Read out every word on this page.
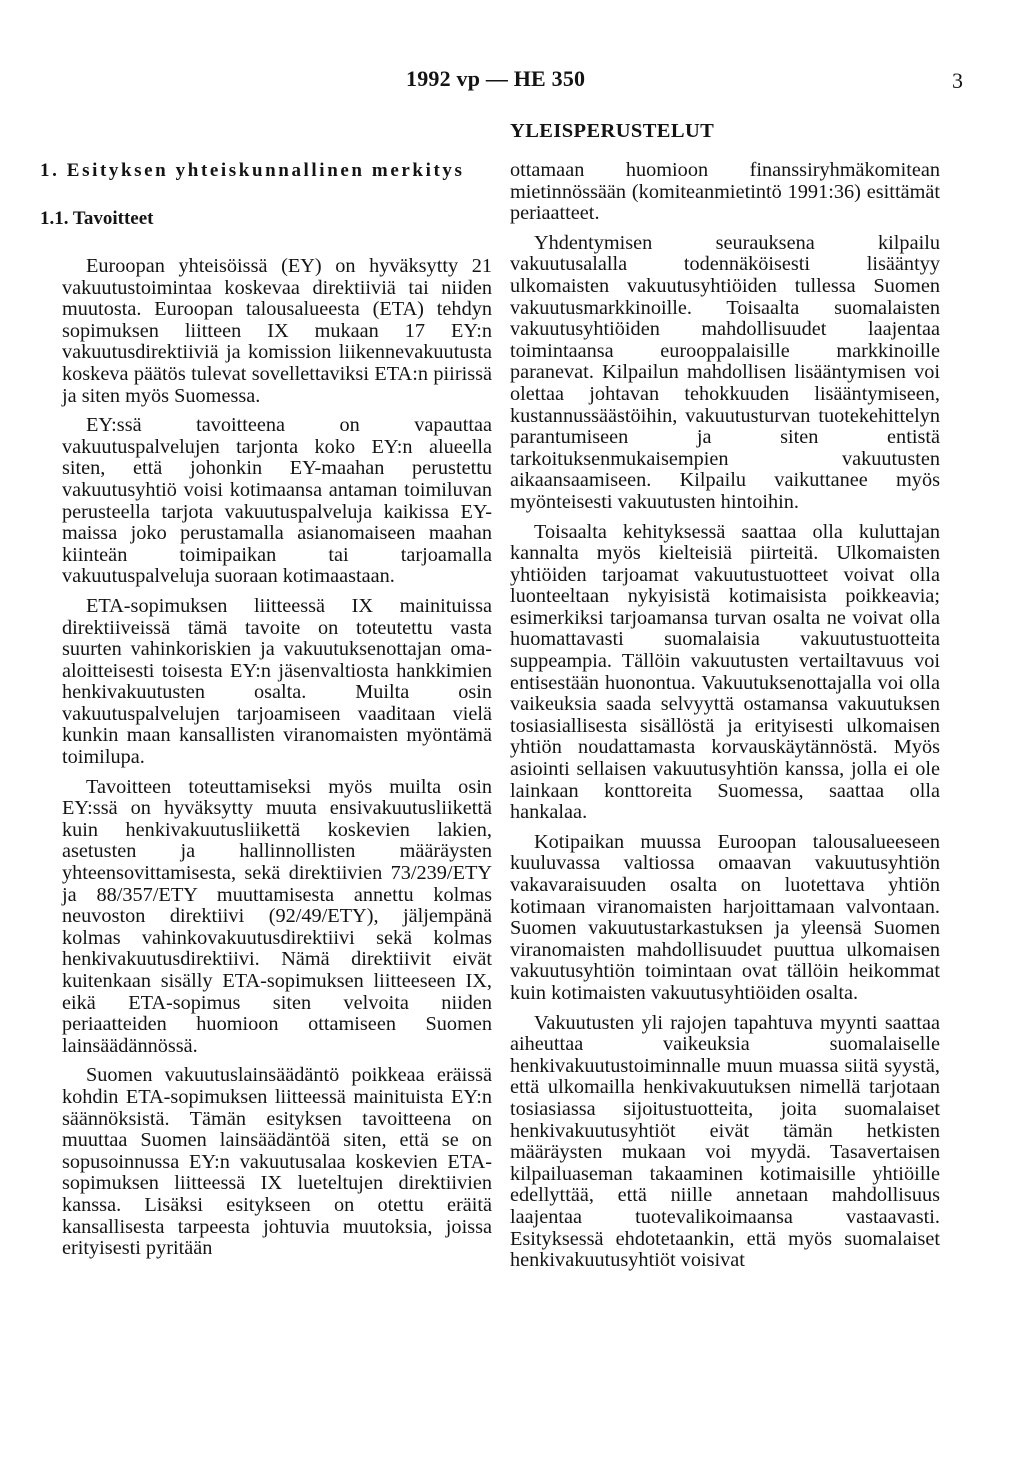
1992 vp — HE 350	3
YLEISPERUSTELUT
1. Esityksen yhteiskunnallinen merkitys
1.1. Tavoitteet

Euroopan yhteisöissä (EY) on hyväksytty 21 vakuutustoimintaa koskevaa direktiiviä tai niiden muutosta. Euroopan talousalueesta (ETA) tehdyn sopimuksen liitteen IX mukaan 17 EY:n vakuutusdirektiiviä ja komission liikennevakuutusta koskeva päätös tulevat sovellettaviksi ETA:n piirissä ja siten myös Suomessa.

EY:ssä tavoitteena on vapauttaa vakuutuspalvelujen tarjonta koko EY:n alueella siten, että johonkin EY-maahan perustettu vakuutusyhtiö voisi kotimaansa antaman toimiluvan perusteella tarjota vakuutuspalveluja kaikissa EY-maissa joko perustamalla asianomaiseen maahan kiinteän toimipaikan tai tarjoamalla vakuutuspalveluja suoraan kotimaastaan.

ETA-sopimuksen liitteessä IX mainituissa direktiiveissä tämä tavoite on toteutettu vasta suurten vahinkoriskien ja vakuutuksenottajan oma-aloitteisesti toisesta EY:n jäsenvaltiosta hankkimien henkivakuutusten osalta. Muilta osin vakuutuspalvelujen tarjoamiseen vaaditaan vielä kunkin maan kansallisten viranomaisten myöntämä toimilupa.

Tavoitteen toteuttamiseksi myös muilta osin EY:ssä on hyväksytty muuta ensivakuutusliikettä kuin henkivakuutusliikettä koskevien lakien, asetusten ja hallinnollisten määräysten yhteensovittamisesta, sekä direktiivien 73/239/ETY ja 88/357/ETY muuttamisesta annettu kolmas neuvoston direktiivi (92/49/ETY), jäljempänä kolmas vahinkovakuutusdirektiivi sekä kolmas henkivakuutusdirektiivi. Nämä direktiivit eivät kuitenkaan sisälly ETA-sopimuksen liitteeseen IX, eikä ETA-sopimus siten velvoita niiden periaatteiden huomioon ottamiseen Suomen lainsäädännössä.

Suomen vakuutuslainsäädäntö poikkeaa eräissä kohdin ETA-sopimuksen liitteessä mainituista EY:n säännöksistä. Tämän esityksen tavoitteena on muuttaa Suomen lainsäädäntöä siten, että se on sopusoinnussa EY:n vakuutusalaa koskevien ETA-sopimuksen liitteessä IX lueteltujen direktiivien kanssa. Lisäksi esitykseen on otettu eräitä kansallisesta tarpeesta johtuvia muutoksia, joissa erityisesti pyritään

ottamaan huomioon finanssiryhmäkomitean mietinnössään (komiteanmietintö 1991:36) esittämät periaatteet.

Yhdentymisen seurauksena kilpailu vakuutusalalla todennäköisesti lisääntyy ulkomaisten vakuutusyhtiöiden tullessa Suomen vakuutusmarkkinoille. Toisaalta suomalaisten vakuutusyhtiöiden mahdollisuudet laajentaa toimintaansa eurooppalaisille markkinoille paranevat. Kilpailun mahdollisen lisääntymisen voi olettaa johtavan tehokkuuden lisääntymiseen, kustannussäästöihin, vakuutusturvan tuotekehittelyn parantumiseen ja siten entistä tarkoituksenmukaisempien vakuutusten aikaansaamiseen. Kilpailu vaikuttanee myös myönteisesti vakuutusten hintoihin.

Toisaalta kehityksessä saattaa olla kuluttajan kannalta myös kielteisiä piirteitä. Ulkomaisten yhtiöiden tarjoamat vakuutustuotteet voivat olla luonteeltaan nykyisistä kotimaisista poikkeavia; esimerkiksi tarjoamansa turvan osalta ne voivat olla huomattavasti suomalaisia vakuutustuotteita suppeampia. Tällöin vakuutusten vertailtavuus voi entisestään huonontua. Vakuutuksenottajalla voi olla vaikeuksia saada selvyyttä ostamansa vakuutuksen tosiasiallisesta sisällöstä ja erityisesti ulkomaisen yhtiön noudattamasta korvauskäytännöstä. Myös asiointi sellaisen vakuutusyhtiön kanssa, jolla ei ole lainkaan konttoreita Suomessa, saattaa olla hankalaa.

Kotipaikan muussa Euroopan talousalueeseen kuuluvassa valtiossa omaavan vakuutusyhtiön vakavaraisuuden osalta on luotettava yhtiön kotimaan viranomaisten harjoittamaan valvontaan. Suomen vakuutustarkastuksen ja yleensä Suomen viranomaisten mahdollisuudet puuttua ulkomaisen vakuutusyhtiön toimintaan ovat tällöin heikommat kuin kotimaisten vakuutusyhtiöiden osalta.

Vakuutusten yli rajojen tapahtuva myynti saattaa aiheuttaa vaikeuksia suomalaiselle henkivakuutustoiminnalle muun muassa siitä syystä, että ulkomailla henkivakuutuksen nimellä tarjotaan tosiasiassa sijoitustuotteita, joita suomalaiset henkivakuutusyhtiöt eivät tämän hetkisten määräysten mukaan voi myydä. Tasavertaisen kilpailuaseman takaaminen kotimaisille yhtiöille edellyttää, että niille annetaan mahdollisuus laajentaa tuotevalikoimaansa vastaavasti. Esityksessä ehdotetaankin, että myös suomalaiset henkivakuutusyhtiöt voisivat
